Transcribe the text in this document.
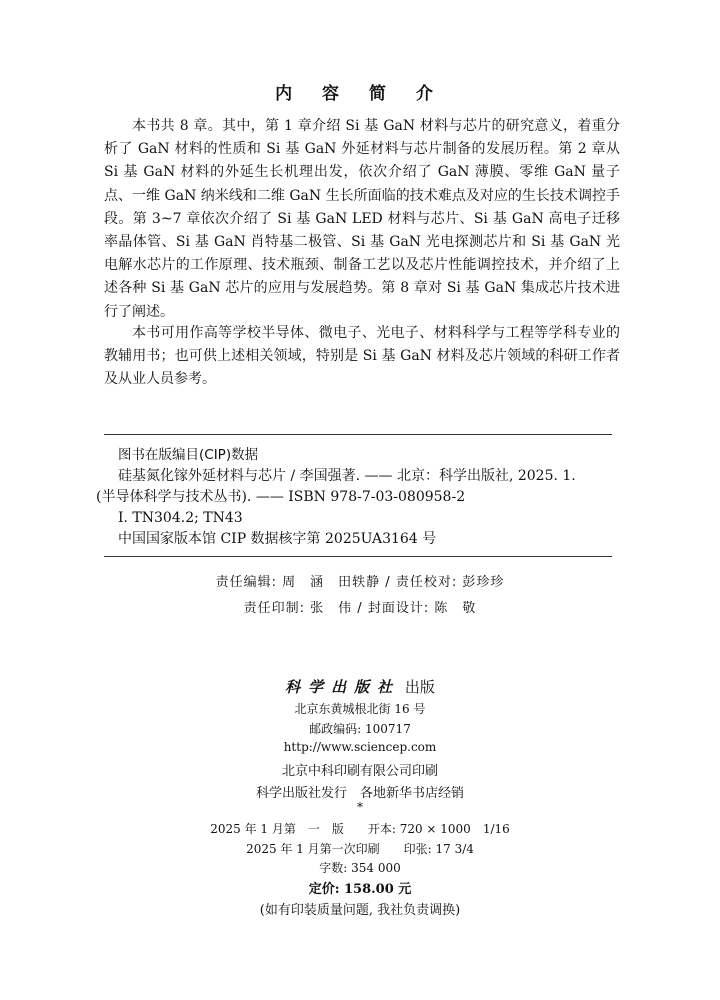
内 容 简 介

本书共 8 章。其中，第 1 章介绍 Si 基 GaN 材料与芯片的研究意义，着重分析了 GaN 材料的性质和 Si 基 GaN 外延材料与芯片制备的发展历程。第 2 章从 Si 基 GaN 材料的外延生长机理出发，依次介绍了 GaN 薄膜、零维 GaN 量子点、一维 GaN 纳米线和二维 GaN 生长所面临的技术难点及对应的生长技术调控手段。第 3~7 章依次介绍了 Si 基 GaN LED 材料与芯片、Si 基 GaN 高电子迁移率晶体管、Si 基 GaN 肖特基二极管、Si 基 GaN 光电探测芯片和 Si 基 GaN 光电解水芯片的工作原理、技术瓶颈、制备工艺以及芯片性能调控技术，并介绍了上述各种 Si 基 GaN 芯片的应用与发展趋势。第 8 章对 Si 基 GaN 集成芯片技术进行了阐述。

本书可用作高等学校半导体、微电子、光电子、材料科学与工程等学科专业的教辅用书；也可供上述相关领域，特别是 Si 基 GaN 材料及芯片领域的科研工作者及从业人员参考。

图书在版编目(CIP)数据
硅基氮化镓外延材料与芯片 / 李国强著. —— 北京：科学出版社, 2025. 1.
(半导体科学与技术丛书). —— ISBN 978-7-03-080958-2
Ⅰ. TN304.2; TN43
中国国家版本馆 CIP 数据核字第 2025UA3164 号
责任编辑: 周　涵　田轶静 / 责任校对: 彭珍珍
责任印制: 张　伟 / 封面设计: 陈　敬
科学出版社 出版
北京东黄城根北街 16 号
邮政编码: 100717
http://www.sciencep.com
北京中科印刷有限公司印刷
科学出版社发行　各地新华书店经销
*
2025 年 1 月第　一　版　　开本: 720 × 1000　1/16
2025 年 1 月第一次印刷　　印张: 17 3/4
字数: 354 000
定价: 158.00 元
(如有印装质量问题, 我社负责调换)
